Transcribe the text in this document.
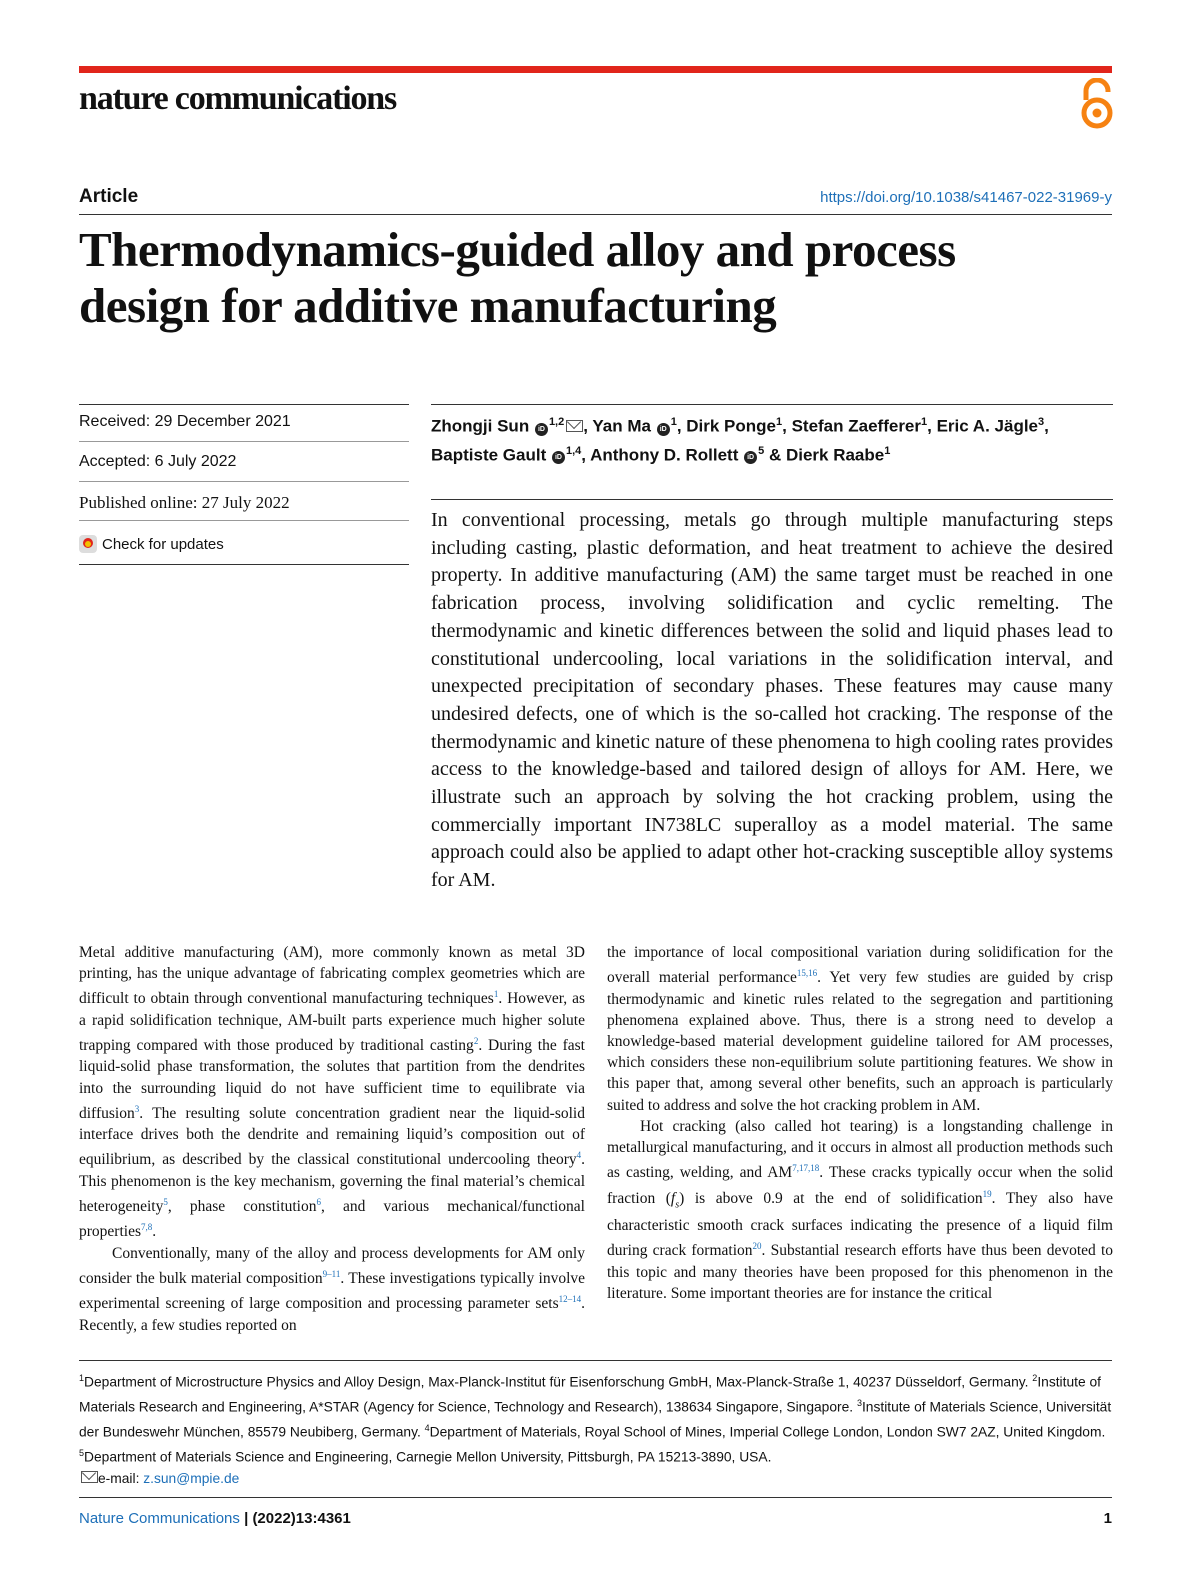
nature communications
Article	https://doi.org/10.1038/s41467-022-31969-y
Thermodynamics-guided alloy and process
design for additive manufacturing
Received: 29 December 2021
Accepted: 6 July 2022
Published online: 27 July 2022
Check for updates
Zhongji Sun iD$^{1,2}$ , Yan Ma $iD^1$, Dirk Ponge$^1$, Stefan Zaefferer$^1$, Eric A. Jägle$^3$,
Baptiste Gault iD$^{1,4}$, Anthony D. Rollett $iD^5$ & Dierk Raabe$^1$
In conventional processing, metals go through multiple manufacturing steps including casting, plastic deformation, and heat treatment to achieve the desired property. In additive manufacturing (AM) the same target must be reached in one fabrication process, involving solidification and cyclic remelting. The thermodynamic and kinetic differences between the solid and liquid phases lead to constitutional undercooling, local variations in the solidification interval, and unexpected precipitation of secondary phases. These features may cause many undesired defects, one of which is the so-called hot cracking. The response of the thermodynamic and kinetic nature of these phenomena to high cooling rates provides access to the knowledge-based and tailored design of alloys for AM. Here, we illustrate such an approach by solving the hot cracking problem, using the commercially important IN738LC superalloy as a model material. The same approach could also be applied to adapt other hot-cracking susceptible alloy systems for AM.

Metal additive manufacturing (AM), more commonly known as metal 3D printing, has the unique advantage of fabricating complex geometries which are difficult to obtain through conventional manufacturing techniques$^1$. However, as a rapid solidification technique, AM-built parts experience much higher solute trapping compared with those produced by traditional casting$^2$. During the fast liquid-solid phase transformation, the solutes that partition from the dendrites into the surrounding liquid do not have sufficient time to equilibrate via diffusion$^3$. The resulting solute concentration gradient near the liquid-solid interface drives both the dendrite and remaining liquid’s composition out of equilibrium, as described by the classical constitutional undercooling theory$^4$. This phenomenon is the key mechanism, governing the final material’s chemical heterogeneity$^5$, phase constitution$^6$, and various mechanical/functional properties$^{7,8}$.

Conventionally, many of the alloy and process developments for AM only consider the bulk material composition$^{9-11}$. These investigations typically involve experimental screening of large composition and processing parameter sets$^{12-14}$. Recently, a few studies reported on

the importance of local compositional variation during solidification for the overall material performance$^{15,16}$. Yet very few studies are guided by crisp thermodynamic and kinetic rules related to the segregation and partitioning phenomena explained above. Thus, there is a strong need to develop a knowledge-based material development guideline tailored for AM processes, which considers these non-equilibrium solute partitioning features. We show in this paper that, among several other benefits, such an approach is particularly suited to address and solve the hot cracking problem in AM.

Hot cracking (also called hot tearing) is a longstanding challenge in metallurgical manufacturing, and it occurs in almost all production methods such as casting, welding, and AM$^{7,17,18}$. These cracks typically occur when the solid fraction $(f_s)$ is above 0.9 at the end of solidification$^{19}$. They also have characteristic smooth crack surfaces indicating the presence of a liquid film during crack formation$^{20}$. Substantial research efforts have thus been devoted to this topic and many theories have been proposed for this phenomenon in the literature. Some important theories are for instance the critical

$^1$Department of Microstructure Physics and Alloy Design, Max-Planck-Institut für Eisenforschung GmbH, Max-Planck-Straße 1, 40237 Düsseldorf, Germany. $^2$Institute of Materials Research and Engineering, A*STAR (Agency for Science, Technology and Research), 138634 Singapore, Singapore. $^3$Institute of Materials Science, Universität der Bundeswehr München, 85579 Neubiberg, Germany. $^4$Department of Materials, Royal School of Mines, Imperial College London, London SW7 2AZ, United Kingdom. $^5$Department of Materials Science and Engineering, Carnegie Mellon University, Pittsburgh, PA 15213-3890, USA.
e-mail: z.sun@mpie.de
Nature Communications | (2022)13:4361	1
